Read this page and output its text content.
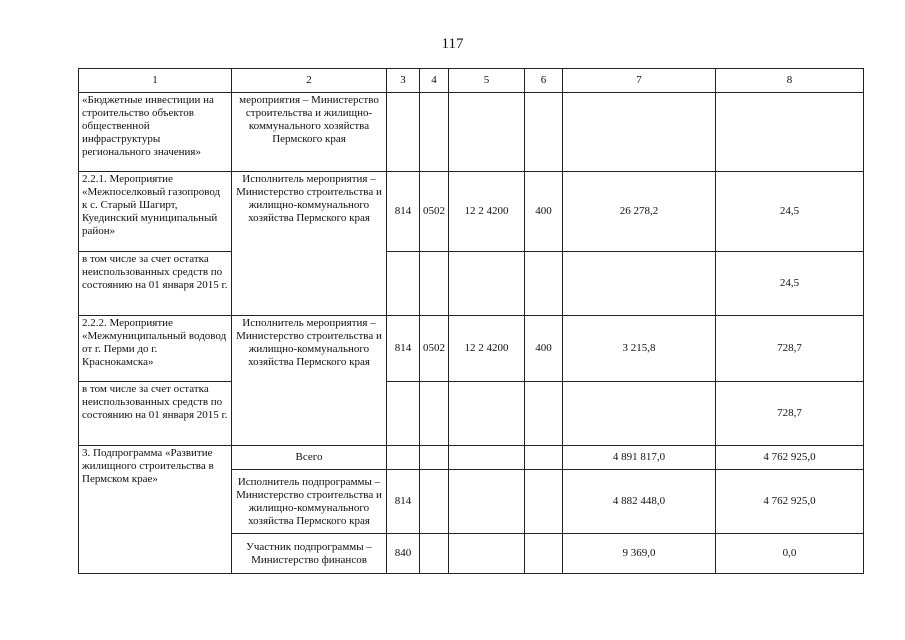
117
1	2	3	4	5	6	7	8
«Бюджетные инвестиции на строительство объектов общественной инфраструктуры регионального значения»	мероприятия – Министерство строительства и жилищно-коммунального хозяйства Пермского края						
2.2.1. Мероприятие «Межпоселковый газопровод к с. Старый Шагирт, Куединский муниципальный район»	Исполнитель мероприятия – Министерство строительства и жилищно-коммунального хозяйства Пермского края	814	0502	12 2 4200	400	26 278,2	24,5
в том числе за счет остатка неиспользованных средств по состоянию на 01 января 2015 г.							24,5
2.2.2. Мероприятие «Межмуниципальный водовод от г. Перми до г. Краснокамска»	Исполнитель мероприятия – Министерство строительства и жилищно-коммунального хозяйства Пермского края	814	0502	12 2 4200	400	3 215,8	728,7
в том числе за счет остатка неиспользованных средств по состоянию на 01 января 2015 г.							728,7
3. Подпрограмма «Развитие жилищного строительства в Пермском крае»	Всего					4 891 817,0	4 762 925,0
	Исполнитель подпрограммы – Министерство строительства и жилищно-коммунального хозяйства Пермского края	814				4 882 448,0	4 762 925,0
	Участник подпрограммы – Министерство финансов	840				9 369,0	0,0
